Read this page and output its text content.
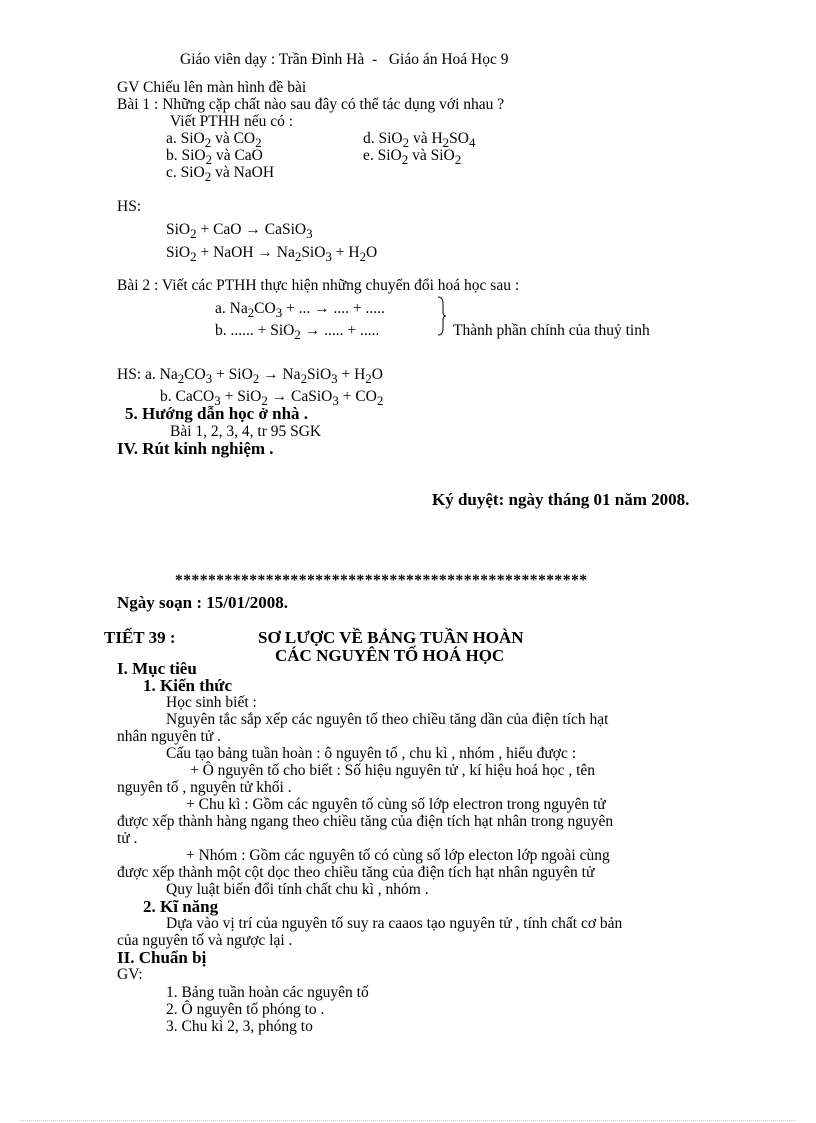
Giáo viên dạy : Trần Đình Hà - Giáo án Hoá Học 9
GV Chiếu lên màn hình đề bài
Bài 1 : Những cặp chất nào sau đây có thể tác dụng với nhau ?
Viết PTHH nếu có :
a. SiO$_2$ và $CO_2$	d. SiO$_2$ và $H_2SO_4$
b. SiO$_2$ và CaO	e. SiO$_2$ và SiO$_2$
c. SiO$_2$ và NaOH
HS:
SiO$_2$ + CaO → CaSiO$_3$
SiO$_2$ + NaOH → $Na_2SiO_3 + H_2O$
Bài 2 : Viết các PTHH thực hiện những chuyển đổi hoá học sau :
a. $Na_2CO_3$ + ... → .... + .....
b. ...... + SiO$_2$ → ..... + .....	Thành phần chính của thuỷ tinh
HS: a. $Na_2CO_3 + SiO_2 \to Na_2SiO_3 + H_2O$
b. CaCO$_3$ + SiO$_2$ → CaSiO$_3$ + $CO_2$
5. Hướng dẫn học ở nhà .
Bài 1, 2, 3, 4, tr 95 SGK
IV. Rút kinh nghiệm .
Ký duyệt: ngày tháng 01 năm 2008.
**************************************************
Ngày soạn : 15/01/2008.
TIẾT 39 :	SƠ LƯỢC VỀ BẢNG TUẦN HOÀN
CÁC NGUYÊN TỐ HOÁ HỌC
I. Mục tiêu
1. Kiến thức
Học sinh biết :
Nguyên tắc sắp xếp các nguyên tố theo chiều tăng dần của điện tích hạt
nhân nguyên tử .
Cấu tạo bảng tuần hoàn : ô nguyên tố , chu kì , nhóm , hiểu được :
+ Ô nguyên tố cho biết : Số hiệu nguyên tử , kí hiệu hoá học , tên
nguyên tố , nguyên tử khối .
+ Chu kì : Gồm các nguyên tố cùng số lớp electron trong nguyên tử
được xếp thành hàng ngang theo chiều tăng của điện tích hạt nhân trong nguyên
tử .
+ Nhóm : Gồm các nguyên tố có cùng số lớp electon lớp ngoài cùng
được xếp thành một cột dọc theo chiều tăng của điện tích hạt nhân nguyên tử
Quy luật biến đổi tính chất chu kì , nhóm .
2. Kĩ năng
Dựa vào vị trí của nguyên tố suy ra caaos tạo nguyên tử , tính chất cơ bản
của nguyên tố và ngược lại .
II. Chuẩn bị
GV:
1. Bảng tuần hoàn các nguyên tố
2. Ô nguyên tố phóng to .
3. Chu kì 2, 3, phóng to
